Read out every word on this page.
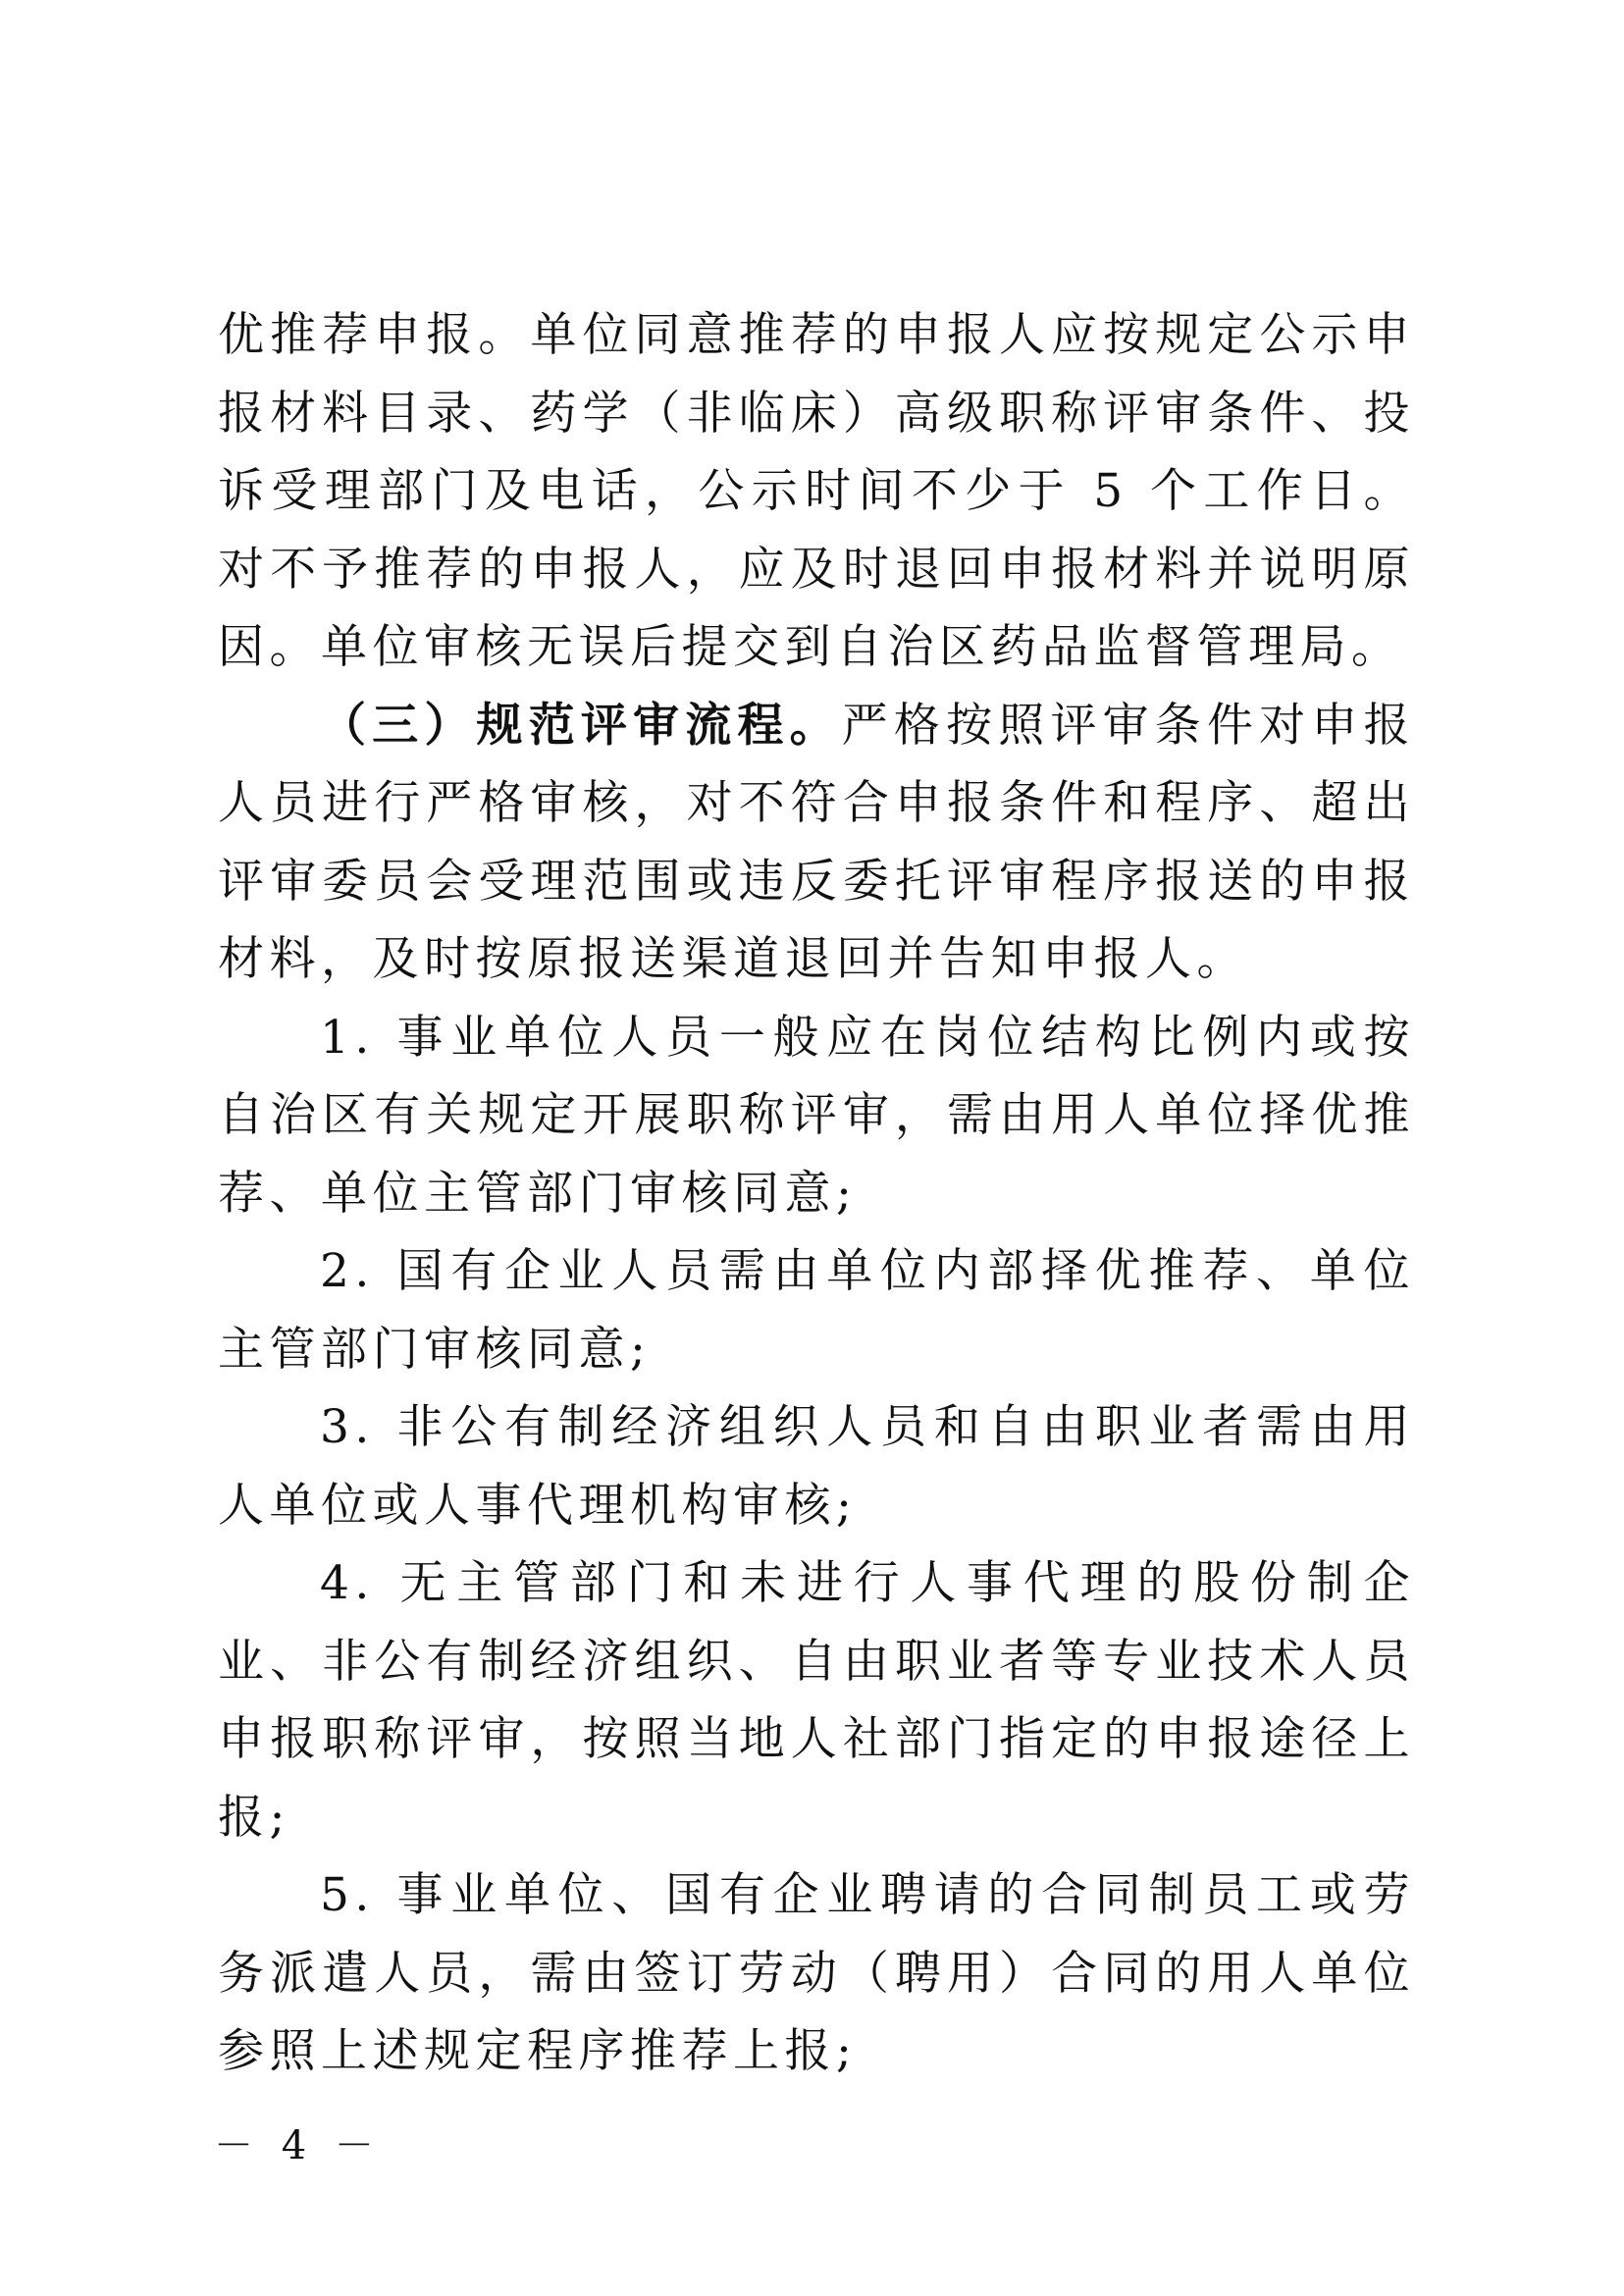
优推荐申报。单位同意推荐的申报人应按规定公示申报材料目录、药学（非临床）高级职称评审条件、投诉受理部门及电话，公示时间不少于 5 个工作日。对不予推荐的申报人，应及时退回申报材料并说明原因。单位审核无误后提交到自治区药品监督管理局。

（三）规范评审流程。严格按照评审条件对申报人员进行严格审核，对不符合申报条件和程序、超出评审委员会受理范围或违反委托评审程序报送的申报材料，及时按原报送渠道退回并告知申报人。

1. 事业单位人员一般应在岗位结构比例内或按自治区有关规定开展职称评审，需由用人单位择优推荐、单位主管部门审核同意;

2. 国有企业人员需由单位内部择优推荐、单位主管部门审核同意;

3. 非公有制经济组织人员和自由职业者需由用人单位或人事代理机构审核;

4. 无主管部门和未进行人事代理的股份制企业、非公有制经济组织、自由职业者等专业技术人员申报职称评审，按照当地人社部门指定的申报途径上报;

5. 事业单位、国有企业聘请的合同制员工或劳务派遣人员，需由签订劳动（聘用）合同的用人单位参照上述规定程序推荐上报;

－ 4 －
